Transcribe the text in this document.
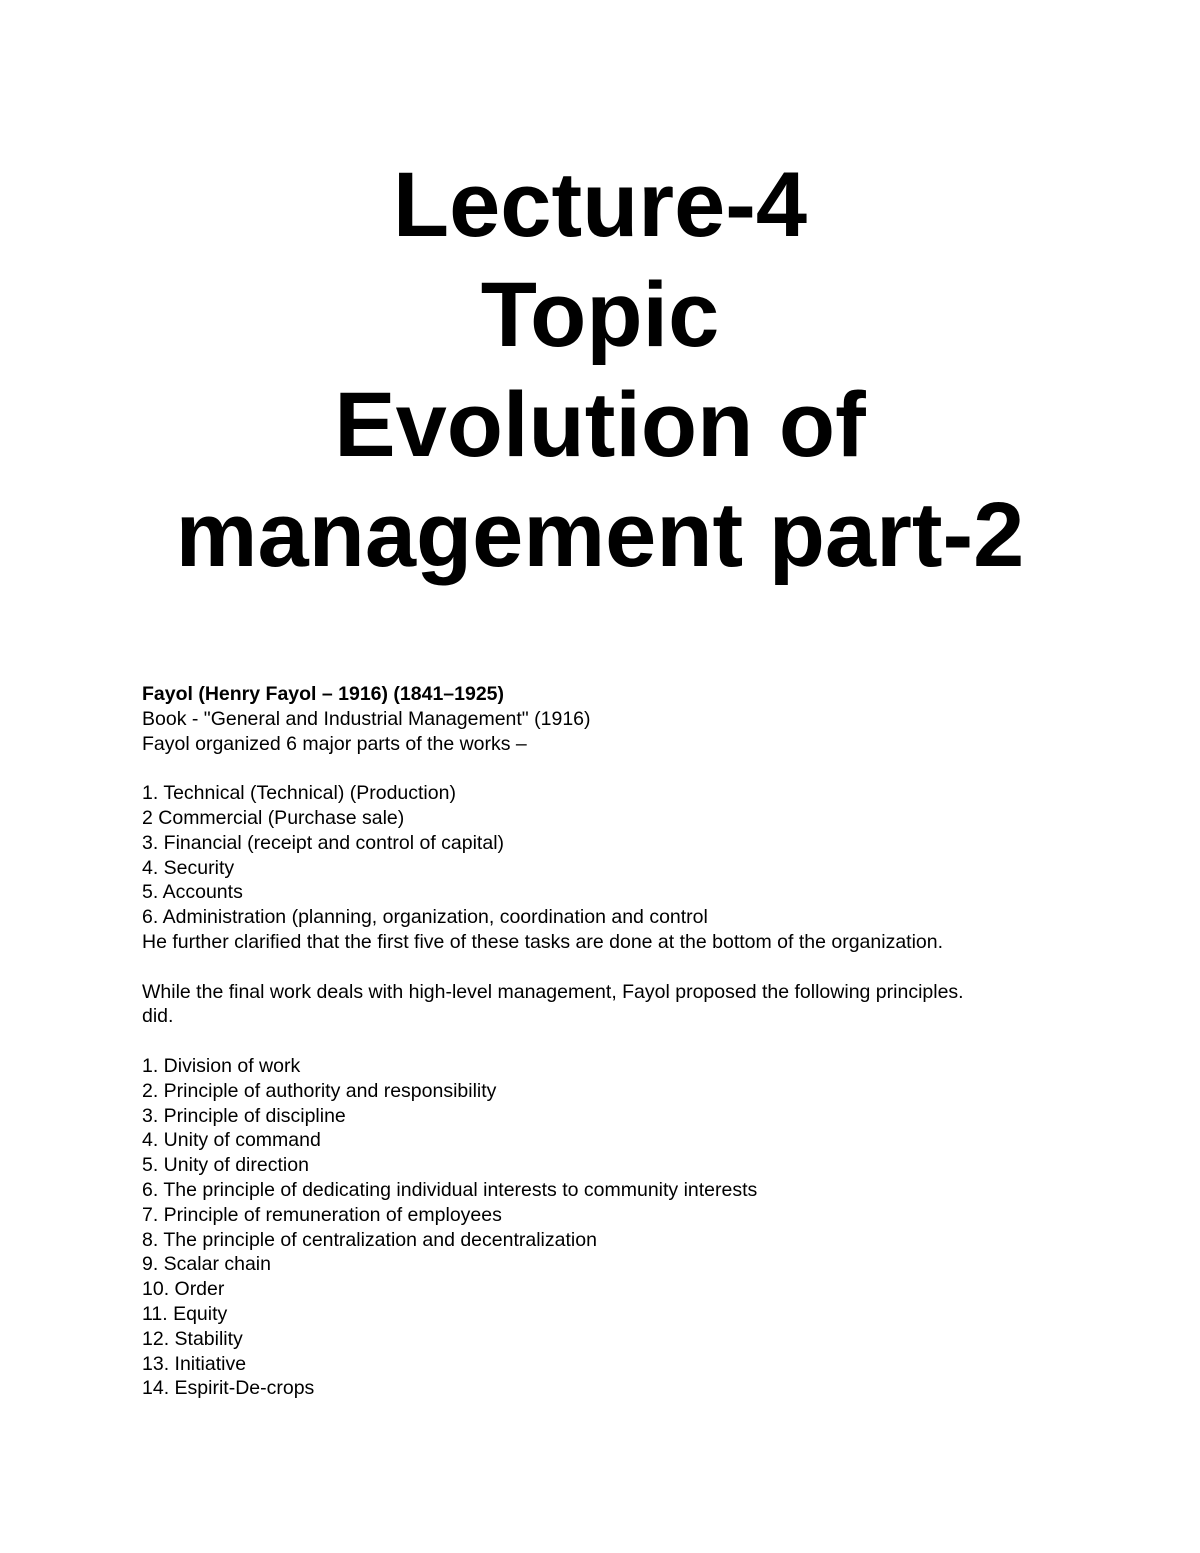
Lecture-4
Topic
Evolution of
management part-2
Fayol (Henry Fayol – 1916) (1841–1925)
Book - "General and Industrial Management" (1916)
Fayol organized 6 major parts of the works –
1. Technical (Technical) (Production)
2 Commercial (Purchase sale)
3. Financial (receipt and control of capital)
4. Security
5. Accounts
6. Administration (planning, organization, coordination and control
He further clarified that the first five of these tasks are done at the bottom of the organization.
While the final work deals with high-level management, Fayol proposed the following principles.
did.
1. Division of work
2. Principle of authority and responsibility
3. Principle of discipline
4. Unity of command
5. Unity of direction
6. The principle of dedicating individual interests to community interests
7. Principle of remuneration of employees
8. The principle of centralization and decentralization
9. Scalar chain
10. Order
11. Equity
12. Stability
13. Initiative
14. Espirit-De-crops
